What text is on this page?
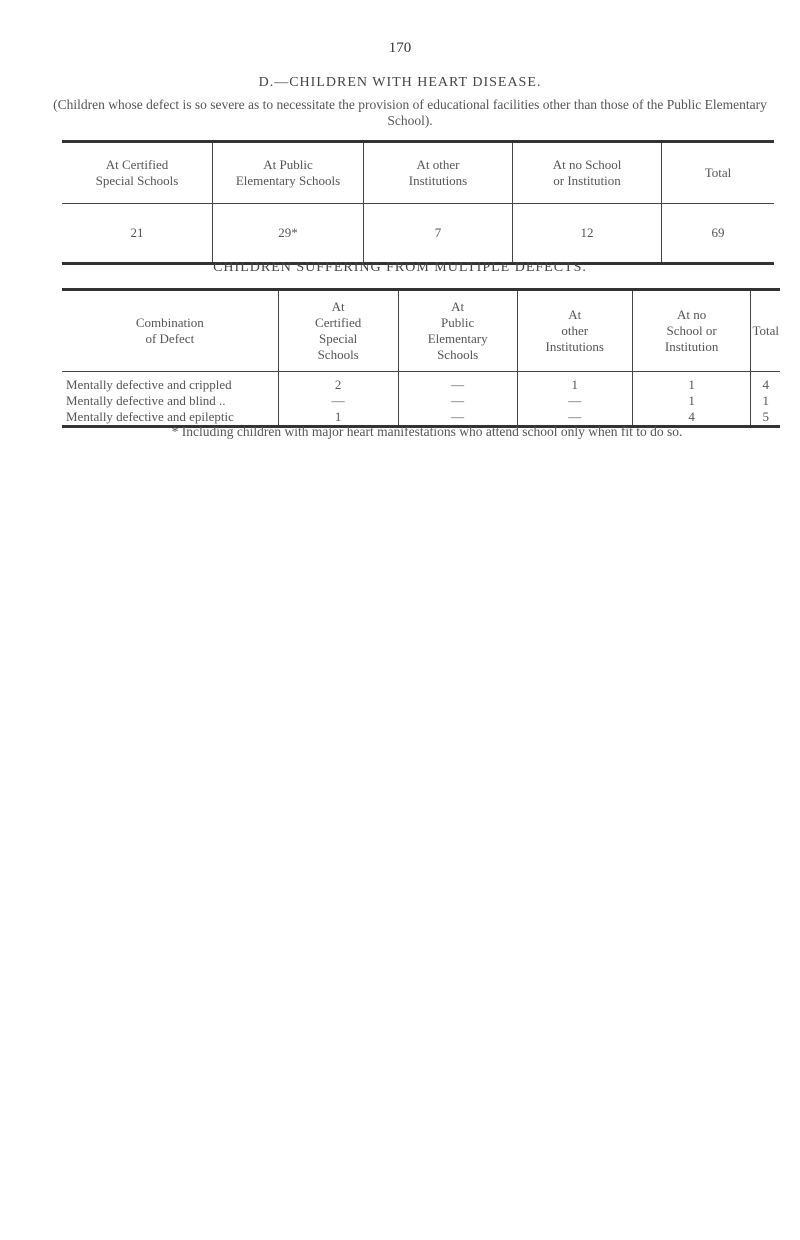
170
D.—CHILDREN WITH HEART DISEASE.
(Children whose defect is so severe as to necessitate the provision of educational facilities other than those of the Public Elementary School).
At Certified
Special Schools	At Public
Elementary Schools	At other
Institutions	At no School
or Institution	Total
21	29*	7	12	69
CHILDREN SUFFERING FROM MULTIPLE DEFECTS.
Combination
of Defect	At
Certified
Special
Schools	At
Public
Elementary
Schools	At
other
Institutions	At no
School or
Institution	Total
Mentally defective and crippled	2	—	1	1	4
Mentally defective and blind ..	—	—	—	1	1
Mentally defective and epileptic	1	—	—	4	5
* Including children with major heart manifestations who attend school only when fit to do so.
